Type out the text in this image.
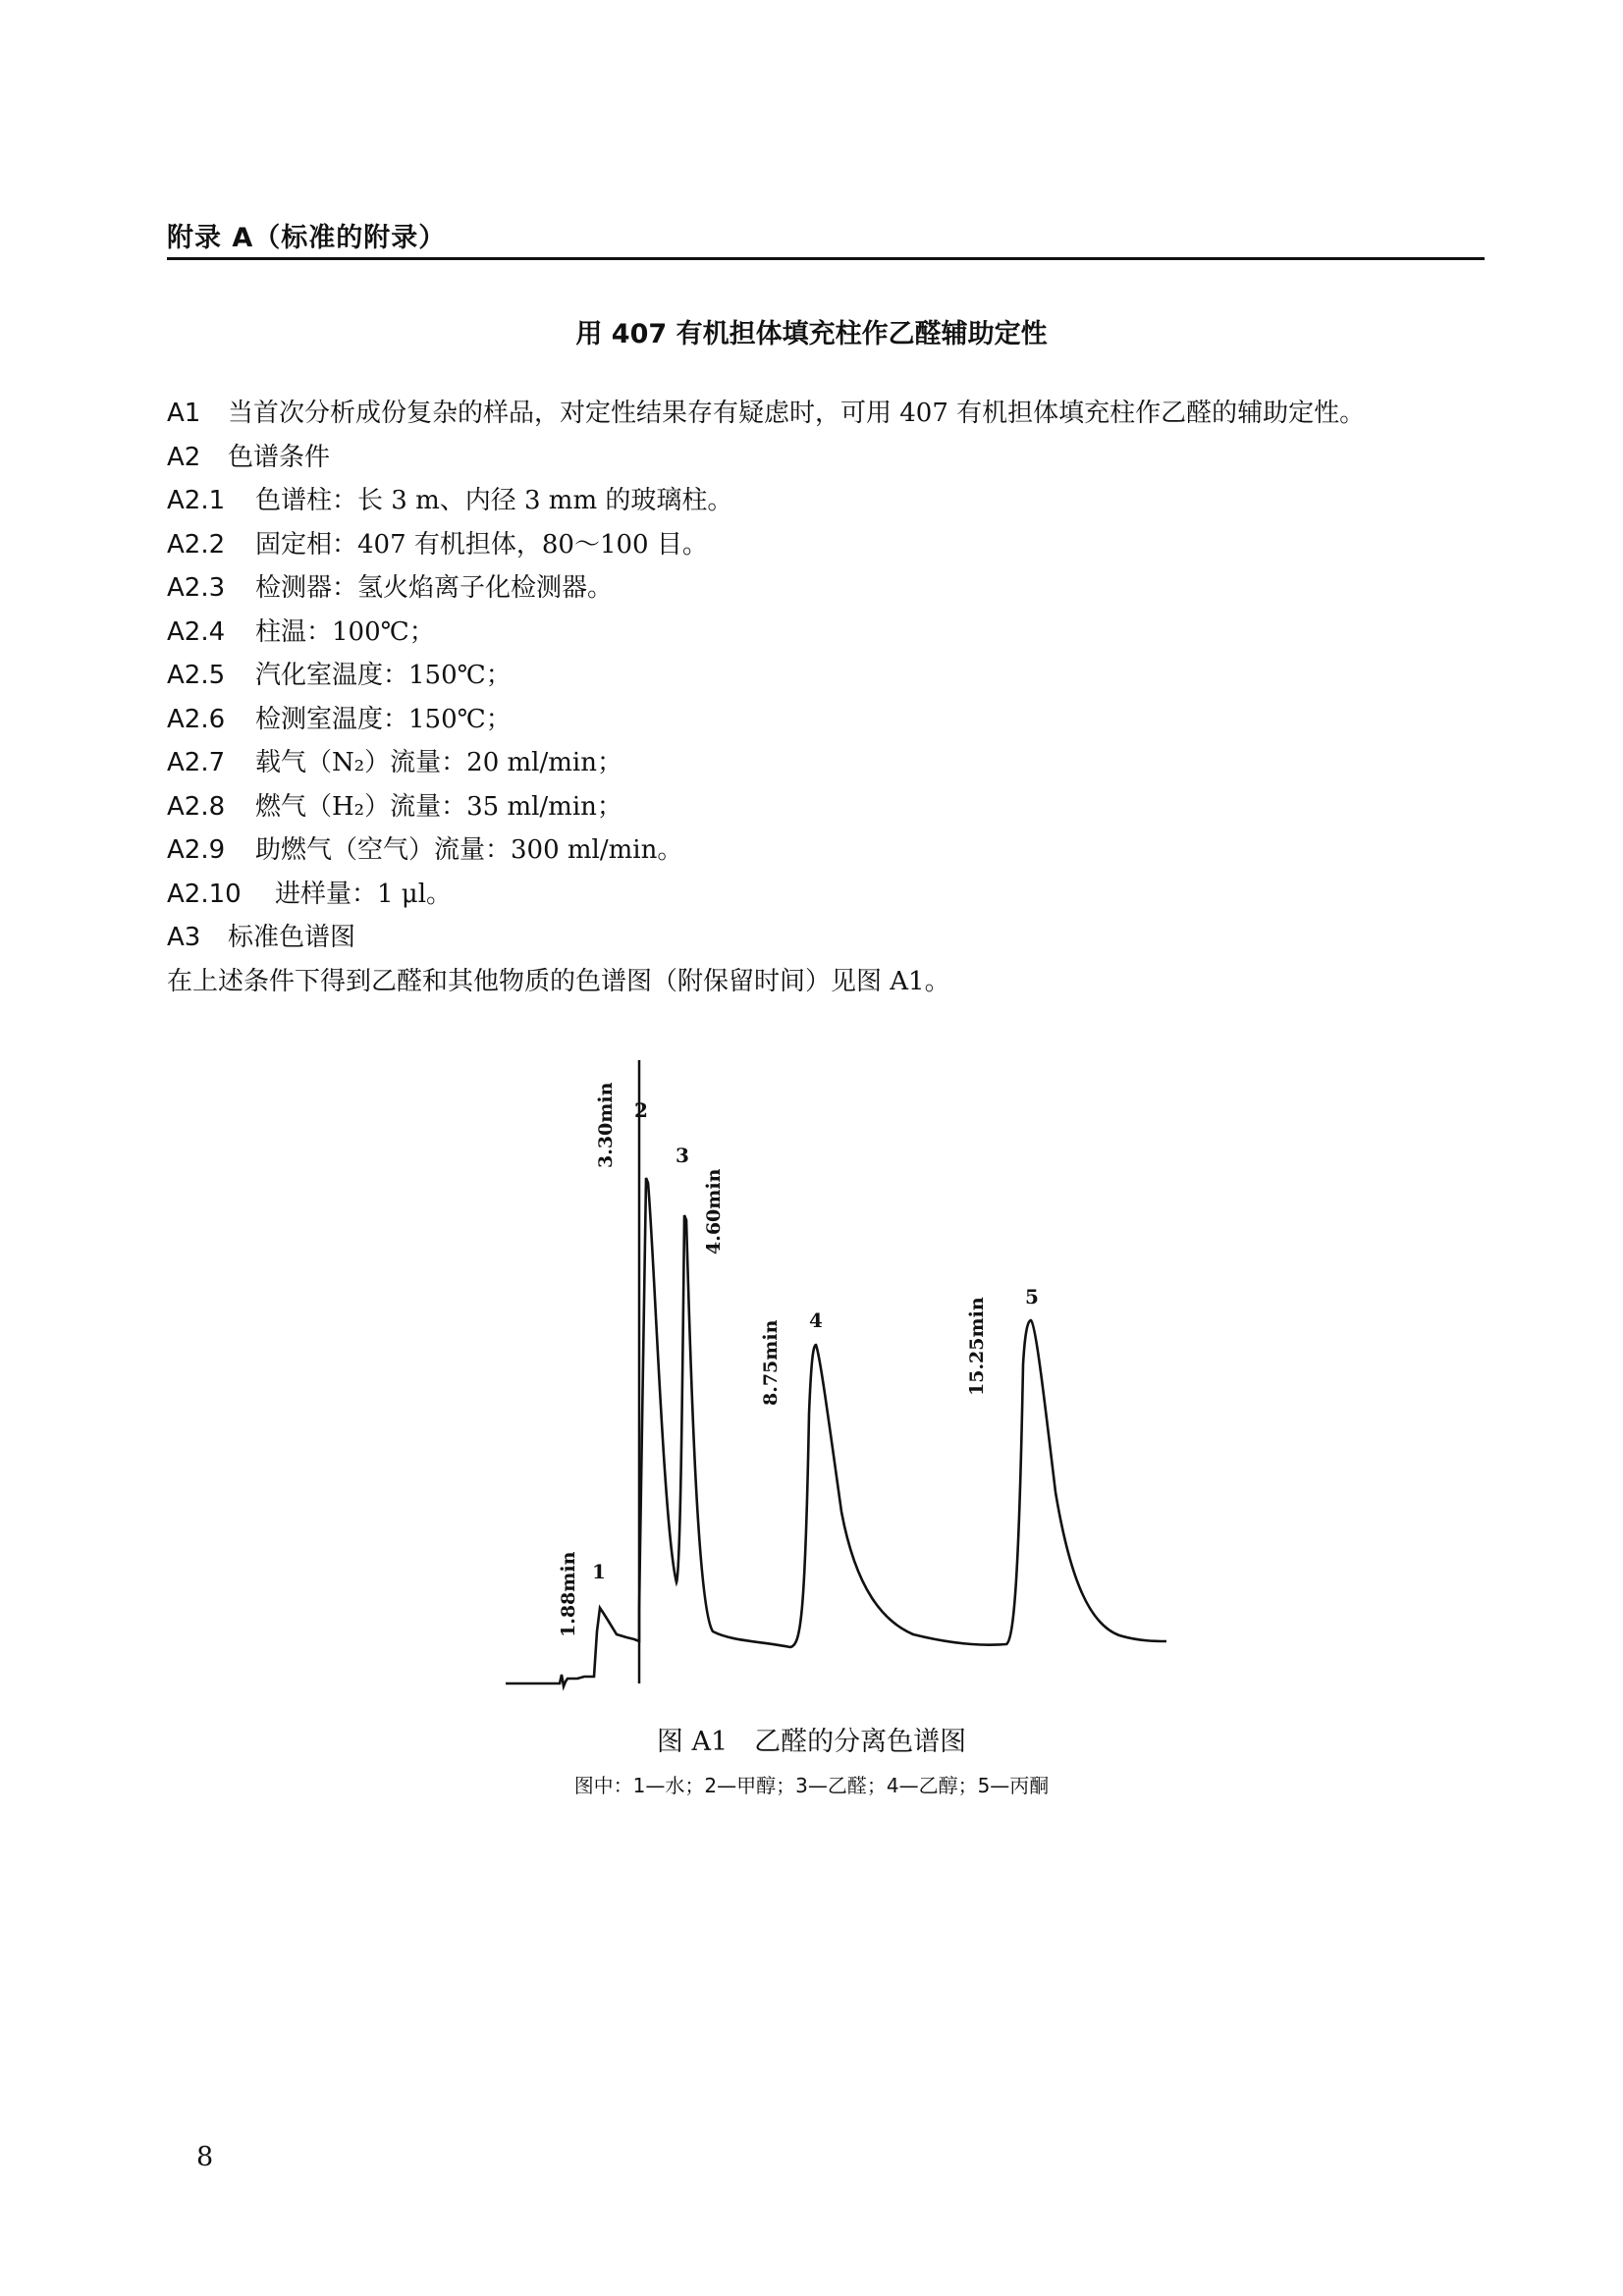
附录 A（标准的附录）
用 407 有机担体填充柱作乙醛辅助定性
A1 当首次分析成份复杂的样品，对定性结果存有疑虑时，可用 407 有机担体填充柱作乙醛的辅助定性。
A2 色谱条件
A2.1 色谱柱：长 3 m、内径 3 mm 的玻璃柱。
A2.2 固定相：407 有机担体，80～100 目。
A2.3 检测器：氢火焰离子化检测器。
A2.4 柱温：100℃；
A2.5 汽化室温度：150℃；
A2.6 检测室温度：150℃；
A2.7 载气（N₂）流量：20 ml/min；
A2.8 燃气（H₂）流量：35 ml/min；
A2.9 助燃气（空气）流量：300 ml/min。
A2.10 进样量：1 μl。
A3 标准色谱图
在上述条件下得到乙醛和其他物质的色谱图（附保留时间）见图 A1。
1
2
3
4
5
1.88min
3.30min
4.60min
8.75min	15.25min
图 A1　乙醛的分离色谱图
图中：1—水；2—甲醇；3—乙醛；4—乙醇；5—丙酮
8
